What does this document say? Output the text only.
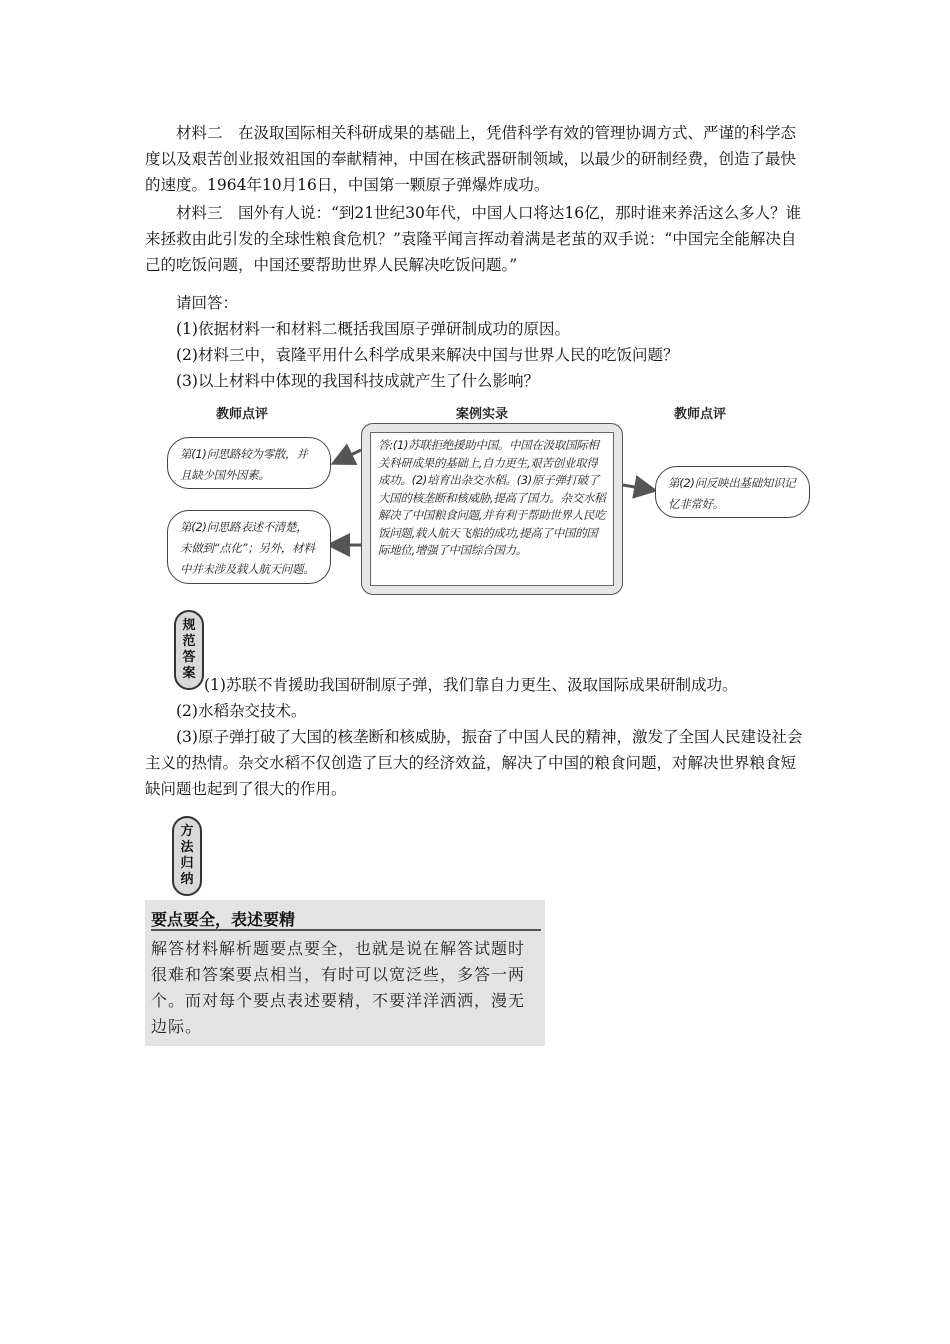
材料二　在汲取国际相关科研成果的基础上，凭借科学有效的管理协调方式、严谨的科学态度以及艰苦创业报效祖国的奉献精神，中国在核武器研制领域，以最少的研制经费，创造了最快的速度。1964年10月16日，中国第一颗原子弹爆炸成功。

材料三　国外有人说：“到21世纪30年代，中国人口将达16亿，那时谁来养活这么多人？谁来拯救由此引发的全球性粮食危机？”袁隆平闻言挥动着满是老茧的双手说：“中国完全能解决自己的吃饭问题，中国还要帮助世界人民解决吃饭问题。”

请回答：

(1)依据材料一和材料二概括我国原子弹研制成功的原因。

(2)材料三中，袁隆平用什么科学成果来解决中国与世界人民的吃饭问题？

(3)以上材料中体现的我国科技成就产生了什么影响？

教师点评	案例实录	教师点评
第(1)问思路较为零散，并且缺少国外因素。
第(2)问思路表述不清楚，未做到“点化”；另外，材料中并未涉及载人航天问题。
答:(1)苏联拒绝援助中国。中国在汲取国际相关科研成果的基础上,自力更生,艰苦创业取得成功。(2)培育出杂交水稻。(3)原子弹打破了大国的核垄断和核威胁,提高了国力。杂交水稻解决了中国粮食问题,并有利于帮助世界人民吃饭问题,载人航天飞船的成功,提高了中国的国际地位,增强了中国综合国力。
第(2)问反映出基础知识记忆非常好。
规
范
答
案

(1)苏联不肯援助我国研制原子弹，我们靠自力更生、汲取国际成果研制成功。

(2)水稻杂交技术。

(3)原子弹打破了大国的核垄断和核威胁，振奋了中国人民的精神，激发了全国人民建设社会主义的热情。杂交水稻不仅创造了巨大的经济效益，解决了中国的粮食问题，对解决世界粮食短缺问题也起到了很大的作用。

方
法
归
纳
要点要全，表述要精

解答材料解析题要点要全，也就是说在解答试题时很难和答案要点相当，有时可以宽泛些，多答一两个。而对每个要点表述要精，不要洋洋洒洒，漫无边际。
